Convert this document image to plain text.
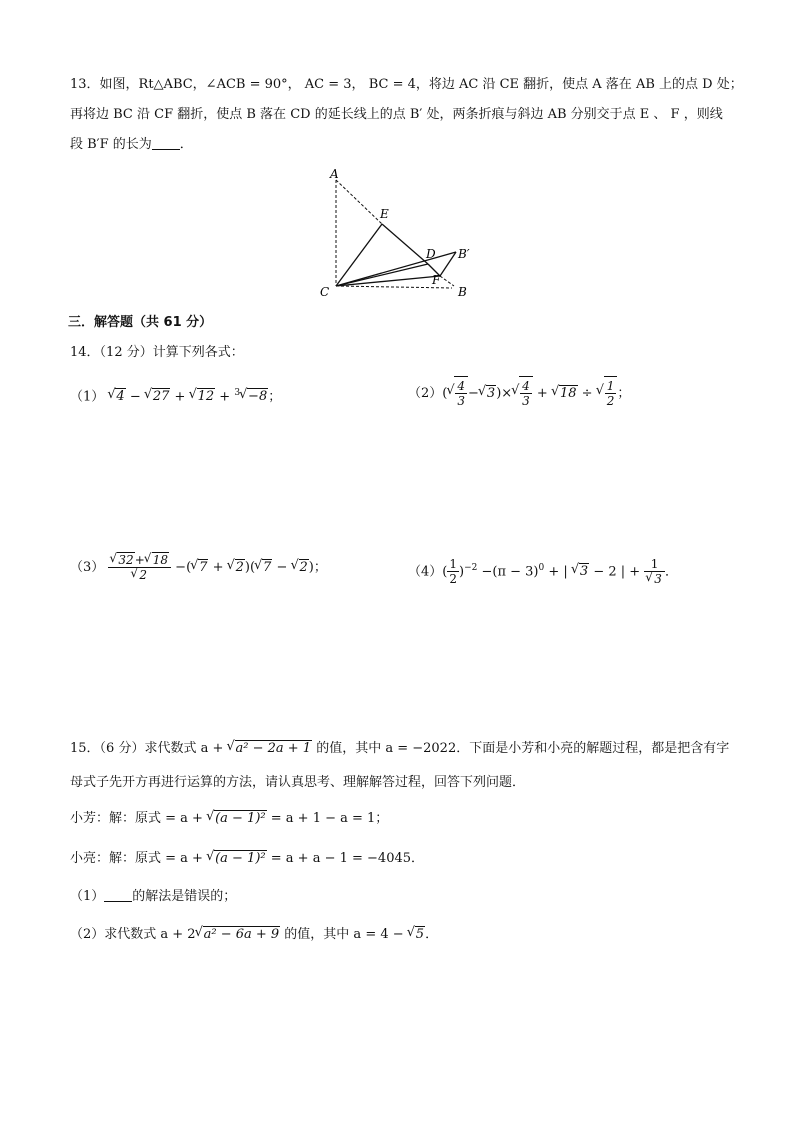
13．如图，Rt△ABC，∠ACB = 90°， AC = 3， BC = 4，将边 AC 沿 CE 翻折，使点 A 落在 AB 上的点 D 处；
再将边 BC 沿 CF 翻折，使点 B 落在 CD 的延长线上的点 B′ 处，两条折痕与斜边 AB 分别交于点 E 、 F ，则线
段 B′F 的长为 ．
A
E
D B′
F
C	B
三．解答题（共 61 分）
14．（12 分）计算下列各式：
（1） √ 4 − √ 27 + √ 12 + $^3$ √ −8；	（2）( √ $\frac{4}{3}$ − √ 3)× √ $\frac{4}{3}$ + √ 18 ÷ √ $\frac{1}{2}$ ；
（3） √ 32+ √ 18
√ 2 −( √ 7 + √ 2)( √ 7 − √ 2)；	$(4)( \frac{1}{2} )^{-2} -(\pi - 3)^0$ + | √ 3 − 2 | + 1
√ 3 ．
15．（6 分）求代数式 a + √ a² − 2a + 1 的值，其中 a = −2022．下面是小芳和小亮的解题过程，都是把含有字
母式子先开方再进行运算的方法，请认真思考、理解解答过程，回答下列问题．
小芳：解：原式 = a + √ (a − 1)² = a + 1 − a = 1；
小亮：解：原式 = a + √ (a − 1)² = a + a − 1 = −4045．
（1） 的解法是错误的；
（2）求代数式 a + 2 √ a² − 6a + 9 的值，其中 a = 4 − √ 5．
